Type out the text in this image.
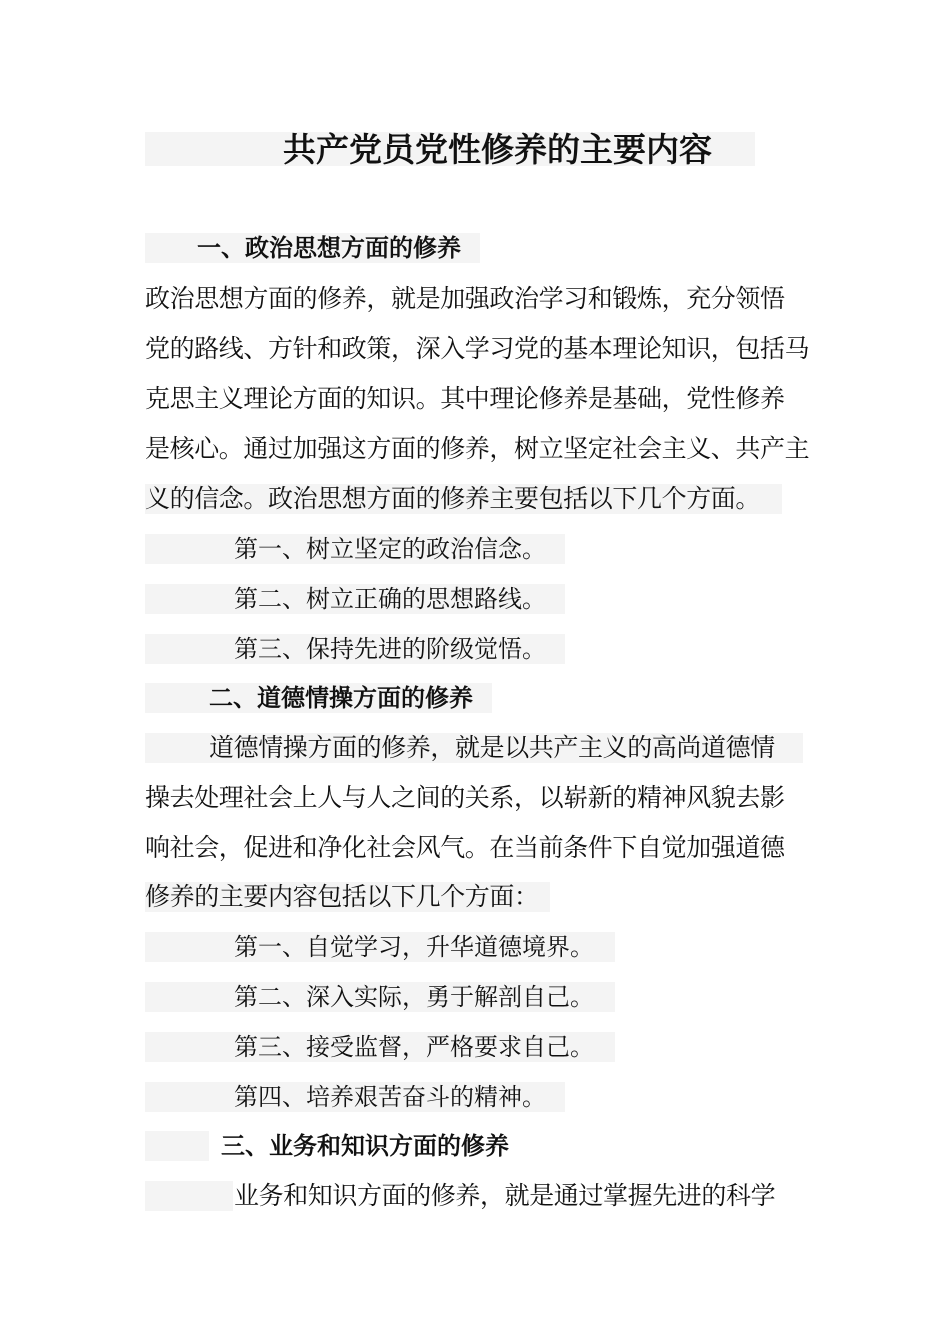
共产党员党性修养的主要内容
一、政治思想方面的修养
政治思想方面的修养，就是加强政治学习和锻炼，充分领悟
党的路线、方针和政策，深入学习党的基本理论知识，包括马
克思主义理论方面的知识。其中理论修养是基础，党性修养
是核心。通过加强这方面的修养，树立坚定社会主义、共产主
义的信念。政治思想方面的修养主要包括以下几个方面。
第一、树立坚定的政治信念。
第二、树立正确的思想路线。
第三、保持先进的阶级觉悟。
二、道德情操方面的修养
道德情操方面的修养，就是以共产主义的高尚道德情
操去处理社会上人与人之间的关系，以崭新的精神风貌去影
响社会，促进和净化社会风气。在当前条件下自觉加强道德
修养的主要内容包括以下几个方面：
第一、自觉学习，升华道德境界。
第二、深入实际，勇于解剖自己。
第三、接受监督，严格要求自己。
第四、培养艰苦奋斗的精神。
三、业务和知识方面的修养
业务和知识方面的修养，就是通过掌握先进的科学
